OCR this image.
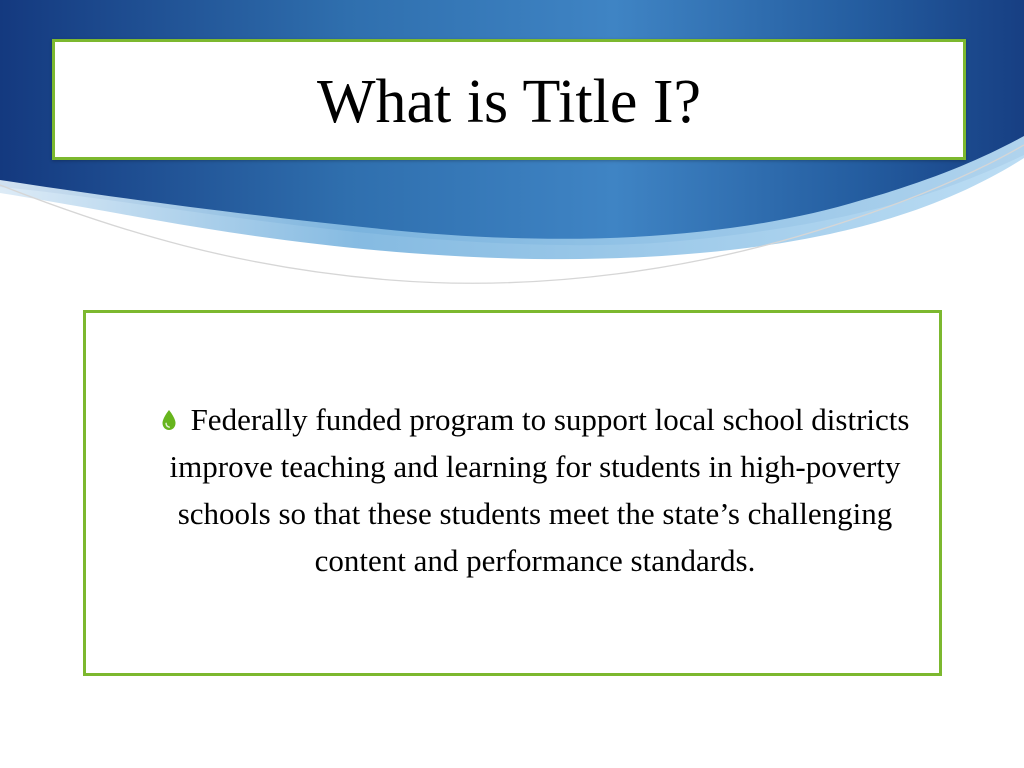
What is Title I?

Federally funded program to support local school districts improve teaching and learning for students in high-poverty schools so that these students meet the state’s challenging content and performance standards.
